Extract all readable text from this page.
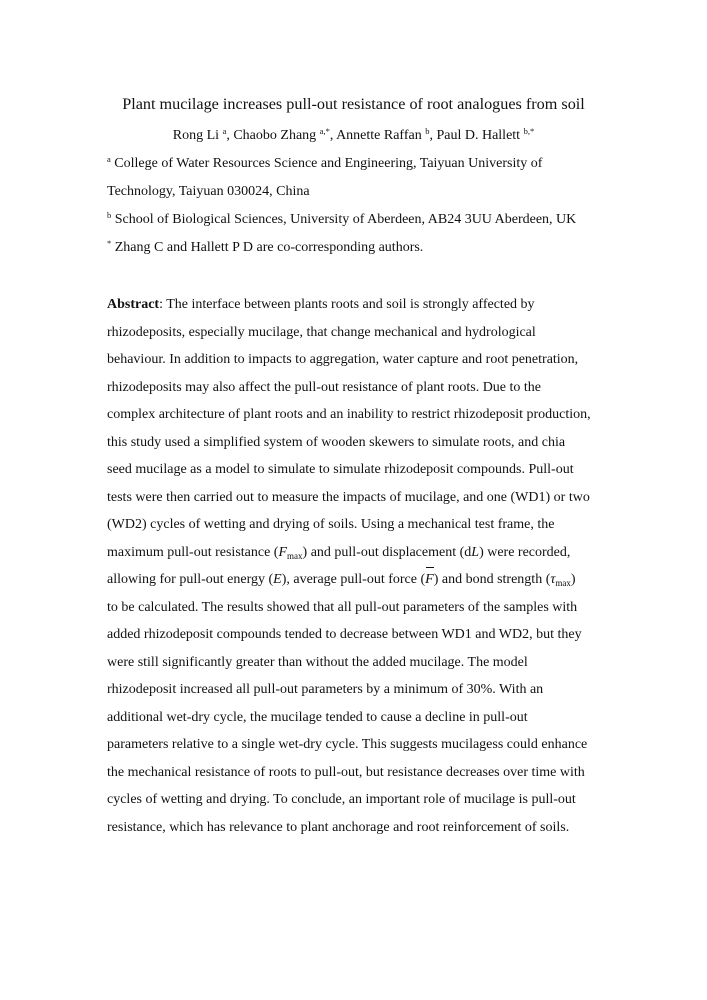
Plant mucilage increases pull-out resistance of root analogues from soil
Rong Li $^a$, Chaobo Zhang $^{a,*}$, Annette Raffan $^b$, Paul D. Hallett $^{b,*}$
$^a$ College of Water Resources Science and Engineering, Taiyuan University of
Technology, Taiyuan 030024, China
$^b$ School of Biological Sciences, University of Aberdeen, AB24 3UU Aberdeen, UK
* Zhang C and Hallett P D are co-corresponding authors.
Abstract: The interface between plants roots and soil is strongly affected by
rhizodeposits, especially mucilage, that change mechanical and hydrological
behaviour. In addition to impacts to aggregation, water capture and root penetration,
rhizodeposits may also affect the pull-out resistance of plant roots. Due to the
complex architecture of plant roots and an inability to restrict rhizodeposit production,
this study used a simplified system of wooden skewers to simulate roots, and chia
seed mucilage as a model to simulate to simulate rhizodeposit compounds. Pull-out
tests were then carried out to measure the impacts of mucilage, and one (WD1) or two
(WD2) cycles of wetting and drying of soils. Using a mechanical test frame, the
maximum pull-out resistance $(F_{max})$ and pull-out displacement (dL) were recorded,
allowing for pull-out energy (E), average pull-out force (F) and bond strength $(\tau_{max})$
to be calculated. The results showed that all pull-out parameters of the samples with
added rhizodeposit compounds tended to decrease between WD1 and WD2, but they
were still significantly greater than without the added mucilage. The model
rhizodeposit increased all pull-out parameters by a minimum of 30%. With an
additional wet-dry cycle, the mucilage tended to cause a decline in pull-out
parameters relative to a single wet-dry cycle. This suggests mucilagess could enhance
the mechanical resistance of roots to pull-out, but resistance decreases over time with
cycles of wetting and drying. To conclude, an important role of mucilage is pull-out
resistance, which has relevance to plant anchorage and root reinforcement of soils.
